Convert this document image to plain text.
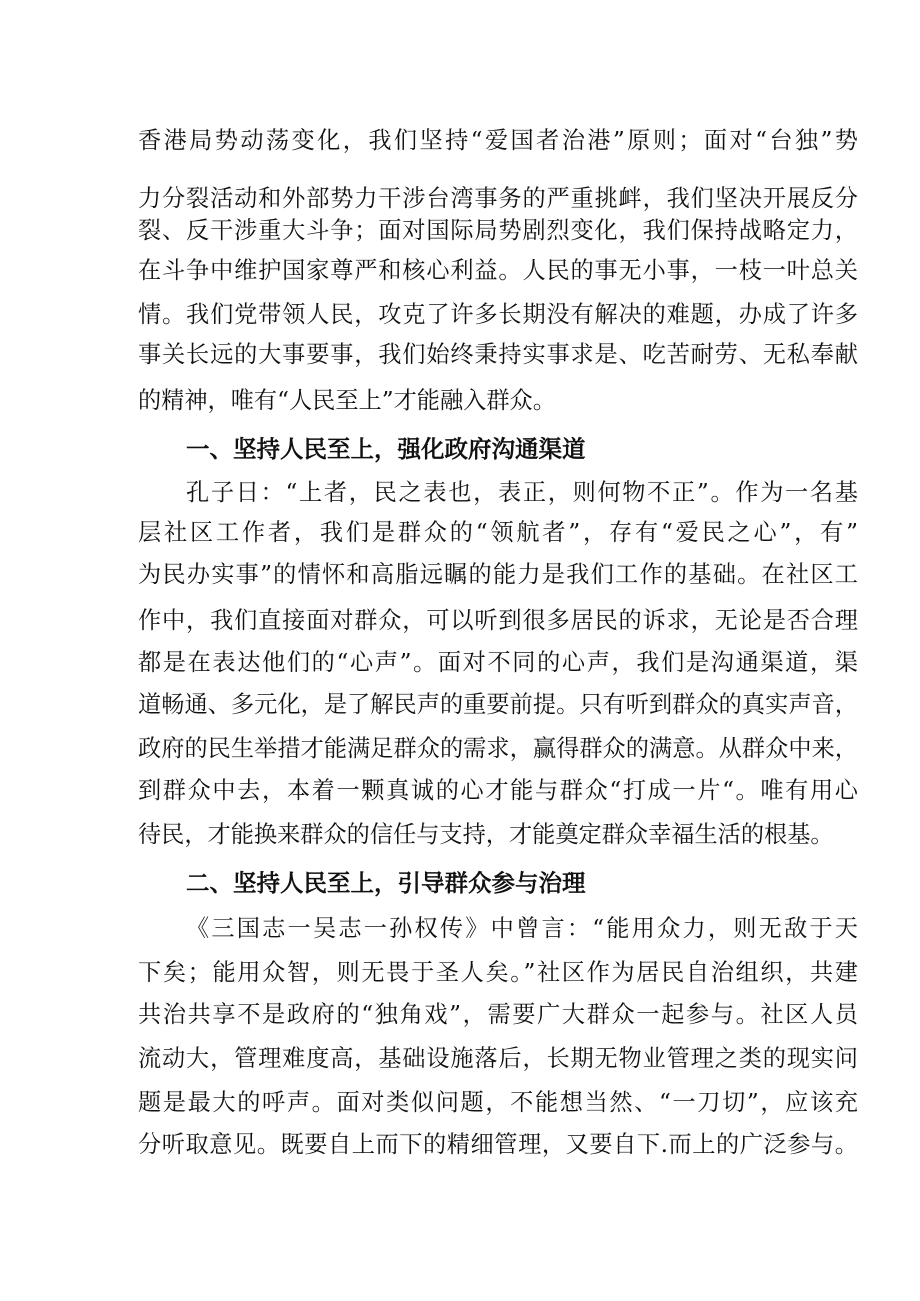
香港局势动荡变化，我们坚持“爱国者治港”原则；面对“台独”势
力分裂活动和外部势力干涉台湾事务的严重挑衅，我们坚决开展反分
裂、反干涉重大斗争；面对国际局势剧烈变化，我们保持战略定力，
在斗争中维护国家尊严和核心利益。人民的事无小事，一枝一叶总关
情。我们党带领人民，攻克了许多长期没有解决的难题，办成了许多
事关长远的大事要事，我们始终秉持实事求是、吃苦耐劳、无私奉献
的精神，唯有“人民至上”才能融入群众。
一、坚持人民至上，强化政府沟通渠道
孔子日：“上者，民之表也，表正，则何物不正”。作为一名基
层社区工作者，我们是群众的“领航者”，存有“爱民之心”，有”
为民办实事”的情怀和高脂远瞩的能力是我们工作的基础。在社区工
作中，我们直接面对群众，可以听到很多居民的诉求，无论是否合理
都是在表达他们的“心声”。面对不同的心声，我们是沟通渠道，渠
道畅通、多元化，是了解民声的重要前提。只有听到群众的真实声音，
政府的民生举措才能满足群众的需求，赢得群众的满意。从群众中来，
到群众中去，本着一颗真诚的心才能与群众“打成一片“。唯有用心
待民，才能换来群众的信任与支持，才能奠定群众幸福生活的根基。
二、坚持人民至上，引导群众参与治理
《三国志一吴志一孙权传》中曾言：“能用众力，则无敌于天
下矣；能用众智，则无畏于圣人矣。”社区作为居民自治组织，共建
共治共享不是政府的“独角戏”，需要广大群众一起参与。社区人员
流动大，管理难度高，基础设施落后，长期无物业管理之类的现实问
题是最大的呼声。面对类似问题，不能想当然、“一刀切”，应该充
分听取意见。既要自上而下的精细管理，又要自下.而上的广泛参与。
